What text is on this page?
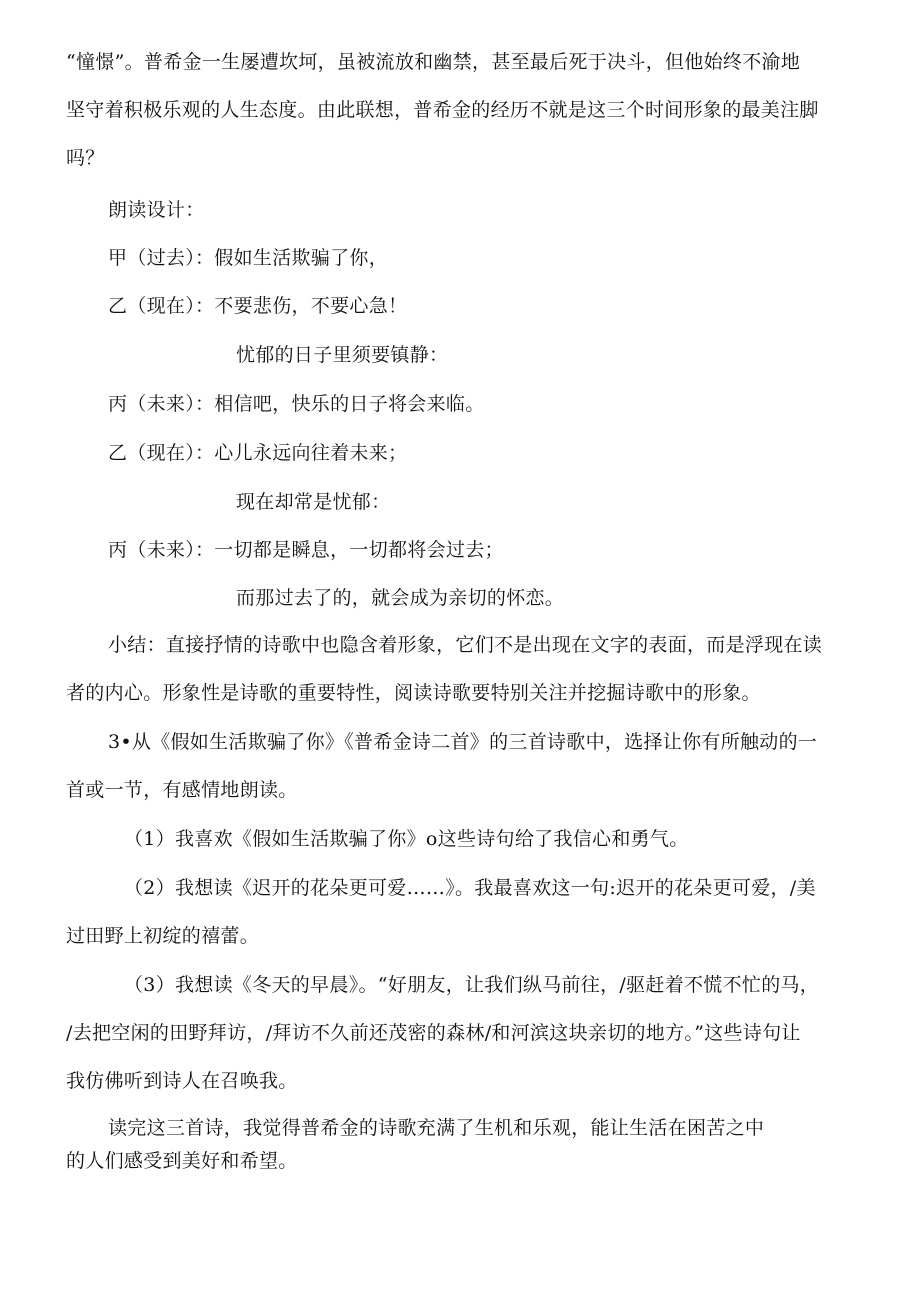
“憧憬”。普希金一生屡遭坎坷，虽被流放和幽禁，甚至最后死于决斗，但他始终不渝地
坚守着积极乐观的人生态度。由此联想，普希金的经历不就是这三个时间形象的最美注脚
吗？
朗读设计：
甲（过去）：假如生活欺骗了你，
乙（现在）：不要悲伤，不要心急！
忧郁的日子里须要镇静：
丙（未来）：相信吧，快乐的日子将会来临。
乙（现在）：心儿永远向往着未来；
现在却常是忧郁：
丙（未来）：一切都是瞬息，一切都将会过去；
而那过去了的，就会成为亲切的怀恋。
小结：直接抒情的诗歌中也隐含着形象，它们不是出现在文字的表面，而是浮现在读
者的内心。形象性是诗歌的重要特性，阅读诗歌要特别关注并挖掘诗歌中的形象。
3•从《假如生活欺骗了你》《普希金诗二首》的三首诗歌中，选择让你有所触动的一
首或一节，有感情地朗读。
（1）我喜欢《假如生活欺骗了你》o这些诗句给了我信心和勇气。
（2）我想读《迟开的花朵更可爱……》。我最喜欢这一句:迟开的花朵更可爱，/美
过田野上初绽的禧蕾。
（3）我想读《冬天的早晨》。“好朋友，让我们纵马前往，/驱赶着不慌不忙的马，
/去把空闲的田野拜访，/拜访不久前还茂密的森林/和河滨这块亲切的地方。”这些诗句让
我仿佛听到诗人在召唤我。
读完这三首诗，我觉得普希金的诗歌充满了生机和乐观，能让生活在困苦之中
的人们感受到美好和希望。
